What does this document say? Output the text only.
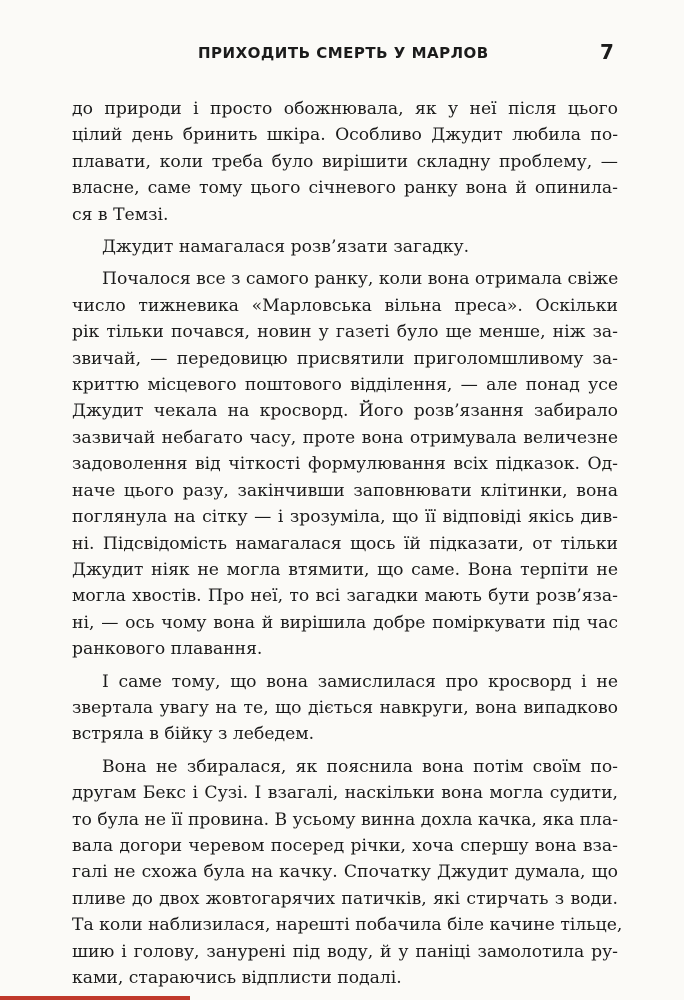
ПРИХОДИТЬ СМЕРТЬ У МАРЛОВ	7
до природи і просто обожнювала, як у неї після цього
цілий день бринить шкіра. Особливо Джудит любила по-
плавати, коли треба було вирішити складну проблему, —
власне, саме тому цього січневого ранку вона й опинила-
ся в Темзі.
Джудит намагалася розв’язати загадку.
Почалося все з самого ранку, коли вона отримала свіже
число тижневика «Марловська вільна преса». Оскільки
рік тільки почався, новин у газеті було ще менше, ніж за-
звичай, — передовицю присвятили приголомшливому за-
криттю місцевого поштового відділення, — але понад усе
Джудит чекала на кросворд. Його розв’язання забирало
зазвичай небагато часу, проте вона отримувала величезне
задоволення від чіткості формулювання всіх підказок. Од-
наче цього разу, закінчивши заповнювати клітинки, вона
поглянула на сітку — і зрозуміла, що її відповіді якісь див-
ні. Підсвідомість намагалася щось їй підказати, от тільки
Джудит ніяк не могла втямити, що саме. Вона терпіти не
могла хвостів. Про неї, то всі загадки мають бути розв’яза-
ні, — ось чому вона й вирішила добре поміркувати під час
ранкового плавання.
І саме тому, що вона замислилася про кросворд і не
звертала увагу на те, що діється навкруги, вона випадково
встряла в бійку з лебедем.
Вона не збиралася, як пояснила вона потім своїм по-
другам Бекс і Сузі. І взагалі, наскільки вона могла судити,
то була не її провина. В усьому винна дохла качка, яка пла-
вала догори черевом посеред річки, хоча спершу вона вза-
галі не схожа була на качку. Спочатку Джудит думала, що
пливе до двох жовтогарячих патичків, які стирчать з води.
Та коли наблизилася, нарешті побачила біле качине тільце,
шию і голову, занурені під воду, й у паніці замолотила ру-
ками, стараючись відплисти подалі.
